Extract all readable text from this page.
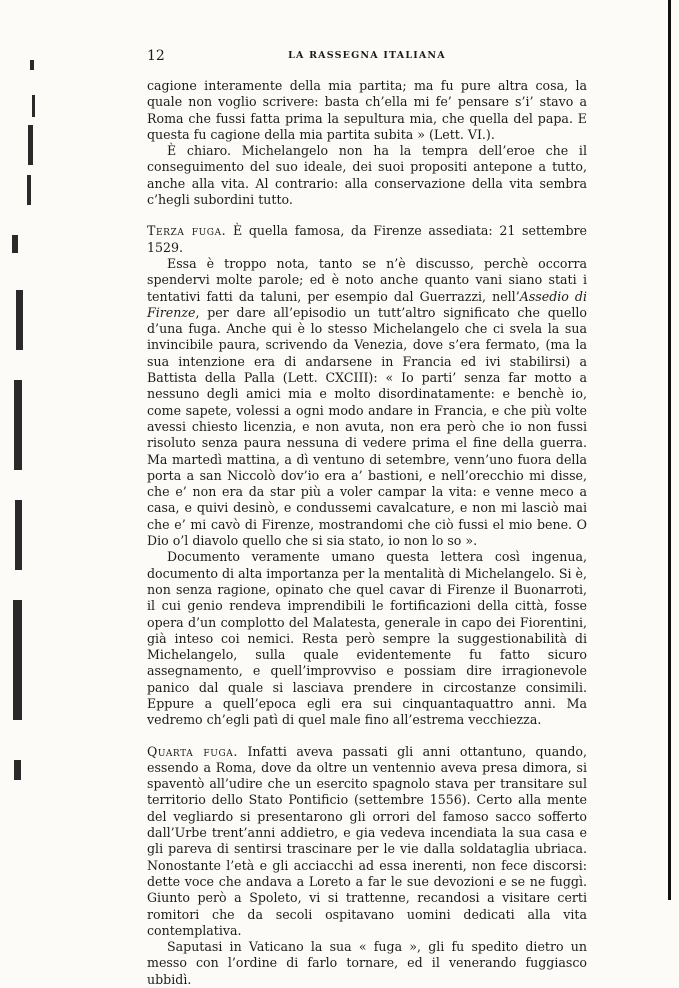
12	LA RASSEGNA ITALIANA

cagione interamente della mia partita; ma fu pure altra cosa, la quale non voglio scrivere: basta ch’ella mi fe’ pensare s’i’ stavo a Roma che fussi fatta prima la sepultura mia, che quella del papa. E questa fu cagione della mia partita subita » (Lett. VI.).

È chiaro. Michelangelo non ha la tempra dell’eroe che il conseguimento del suo ideale, dei suoi propositi antepone a tutto, anche alla vita. Al contrario: alla conservazione della vita sembra c’hegli subordini tutto.

Terza fuga. È quella famosa, da Firenze assediata: 21 settembre 1529.

Essa è troppo nota, tanto se n’è discusso, perchè occorra spendervi molte parole; ed è noto anche quanto vani siano stati i tentativi fatti da taluni, per esempio dal Guerrazzi, nell’Assedio di Firenze, per dare all’episodio un tutt’altro significato che quello d’una fuga. Anche qui è lo stesso Michelangelo che ci svela la sua invincibile paura, scrivendo da Venezia, dove s’era fermato, (ma la sua intenzione era di andarsene in Francia ed ivi stabilirsi) a Battista della Palla (Lett. CXCIII): « Io parti’ senza far motto a nessuno degli amici mia e molto disordinatamente: e benchè io, come sapete, volessi a ogni modo andare in Francia, e che più volte avessi chiesto licenzia, e non avuta, non era però che io non fussi risoluto senza paura nessuna di vedere prima el fine della guerra. Ma martedì mattina, a dì ventuno di setembre, venn’uno fuora della porta a san Niccolò dov’io era a’ bastioni, e nell’orecchio mi disse, che e’ non era da star più a voler campar la vita: e venne meco a casa, e quivi desinò, e condussemi cavalcature, e non mi lasciò mai che e’ mi cavò di Firenze, mostrandomi che ciò fussi el mio bene. O Dio o’l diavolo quello che si sia stato, io non lo so ».

Documento veramente umano questa lettera così ingenua, documento di alta importanza per la mentalità di Michelangelo. Si è, non senza ragione, opinato che quel cavar di Firenze il Buonarroti, il cui genio rendeva imprendibili le fortificazioni della città, fosse opera d’un complotto del Malatesta, generale in capo dei Fiorentini, già inteso coi nemici. Resta però sempre la suggestionabilità di Michelangelo, sulla quale evidentemente fu fatto sicuro assegnamento, e quell’improvviso e possiam dire irragionevole panico dal quale si lasciava prendere in circostanze consimili. Eppure a quell’epoca egli era sui cinquantaquattro anni. Ma vedremo ch’egli patì di quel male fino all’estrema vecchiezza.

Quarta fuga. Infatti aveva passati gli anni ottantuno, quando, essendo a Roma, dove da oltre un ventennio aveva presa dimora, si spaventò all’udire che un esercito spagnolo stava per transitare sul territorio dello Stato Pontificio (settembre 1556). Certo alla mente del vegliardo si presentarono gli orrori del famoso sacco sofferto dall’Urbe trent’anni addietro, e gia vedeva incendiata la sua casa e gli pareva di sentirsi trascinare per le vie dalla soldataglia ubriaca. Nonostante l’età e gli acciacchi ad essa inerenti, non fece discorsi: dette voce che andava a Loreto a far le sue devozioni e se ne fuggì. Giunto però a Spoleto, vi si trattenne, recandosi a visitare certi romitori che da secoli ospitavano uomini dedicati alla vita contemplativa.

Saputasi in Vaticano la sua « fuga », gli fu spedito dietro un messo con l’ordine di farlo tornare, ed il venerando fuggiasco ubbidì.
